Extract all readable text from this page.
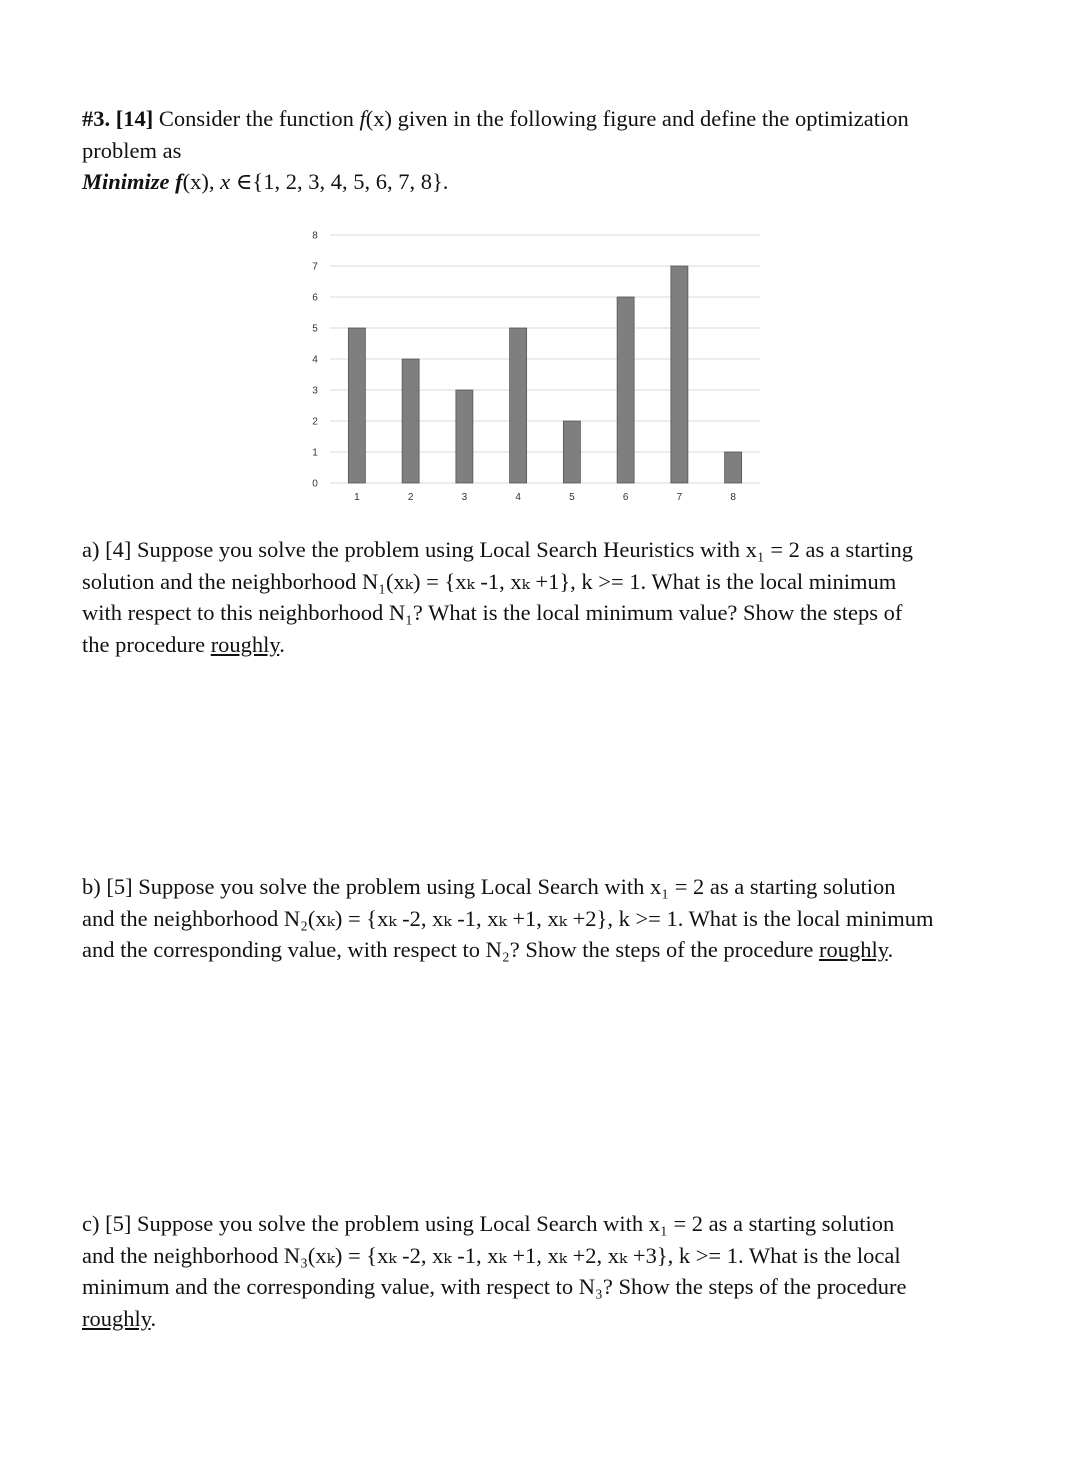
#3. [14] Consider the function f(x) given in the following figure and define the optimization
problem as
Minimize f(x), x ∈{1, 2, 3, 4, 5, 6, 7, 8}.
0
1
2
3
4
5
6
7
8
1	2	3	4	5	6	7	8
a) [4] Suppose you solve the problem using Local Search Heuristics with x₁ = 2 as a starting
solution and the neighborhood N₁(xₖ) = {xₖ -1, xₖ +1}, k >= 1. What is the local minimum
with respect to this neighborhood N₁? What is the local minimum value? Show the steps of
the procedure roughly.
b) [5] Suppose you solve the problem using Local Search with x₁ = 2 as a starting solution
and the neighborhood N₂(xₖ) = {xₖ -2, xₖ -1, xₖ +1, xₖ +2}, k >= 1. What is the local minimum
and the corresponding value, with respect to N₂? Show the steps of the procedure roughly.
c) [5] Suppose you solve the problem using Local Search with x₁ = 2 as a starting solution
and the neighborhood N₃(xₖ) = {xₖ -2, xₖ -1, xₖ +1, xₖ +2, xₖ +3}, k >= 1. What is the local
minimum and the corresponding value, with respect to N₃? Show the steps of the procedure
roughly.
